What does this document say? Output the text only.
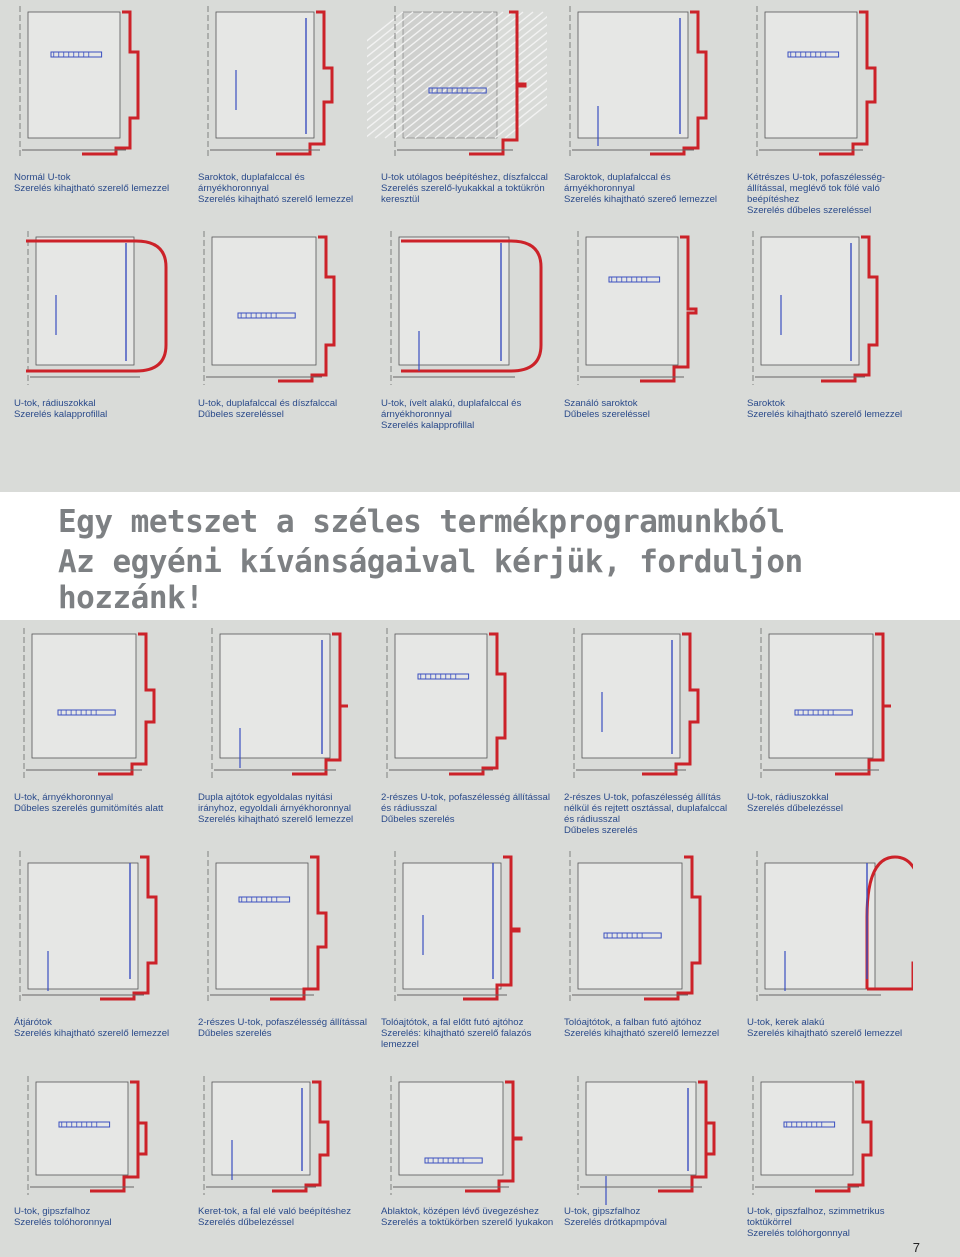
Normál U-tok
Szerelés kihajtható szerelő lemezzel
Saroktok, duplafalccal és
árnyékhoronnyal
Szerelés kihajtható szerelő lemezzel
U-tok utólagos beépítéshez, díszfalccal
Szerelés szerelő-lyukakkal a toktükrön
keresztül
Saroktok, duplafalccal és
árnyékhoronnyal
Szerelés kihajtható szereő lemezzel
Kétrészes U-tok, pofaszélesség-
állítással, meglévő tok fölé való
beépítéshez
Szerelés dűbeles szereléssel
U-tok, rádiuszokkal
Szerelés kalapprofillal
U-tok, duplafalccal és díszfalccal
Dűbeles szereléssel
U-tok, ívelt alakú, duplafalccal és
árnyékhoronnyal
Szerelés kalapprofillal
Szanáló saroktok
Dűbeles szereléssel
Saroktok
Szerelés kihajtható szerelő lemezzel
Egy metszet a széles termékprogramunkból
Az egyéni kívánságaival kérjük, forduljon hozzánk!
U-tok, árnyékhoronnyal
Dűbeles szerelés gumitömítés alatt
Dupla ajtótok egyoldalas nyitási
irányhoz, egyoldali árnyékhoronnyal
Szerelés kihajtható szerelő lemezzel
2-részes U-tok, pofaszélesség állítással
és rádiusszal
Dűbeles szerelés
2-részes U-tok, pofaszélesség állítás
nélkül és rejtett osztással, duplafalccal
és rádiusszal
Dűbeles szerelés
U-tok, rádiuszokkal
Szerelés dűbelezéssel
Átjárótok
Szerelés kihajtható szerelő lemezzel
2-részes U-tok, pofaszélesség állítással
Dűbeles szerelés
Tolóajtótok, a fal előtt futó ajtóhoz
Szerelés: kihajtható szerelő falazós
lemezzel
Tolóajtótok, a falban futó ajtóhoz
Szerelés kihajtható szerelő lemezzel
U-tok, kerek alakú
Szerelés kihajtható szerelő lemezzel
U-tok, gipszfalhoz
Szerelés tolóhoronnyal
Keret-tok, a fal elé való beépítéshez
Szerelés dűbelezéssel
Ablaktok, középen lévő üvegezéshez
Szerelés a toktükörben szerelő lyukakon
U-tok, gipszfalhoz
Szerelés drótkapmpóval
U-tok, gipszfalhoz, szimmetrikus
toktükörrel
Szerelés tolóhorgonnyal
7
